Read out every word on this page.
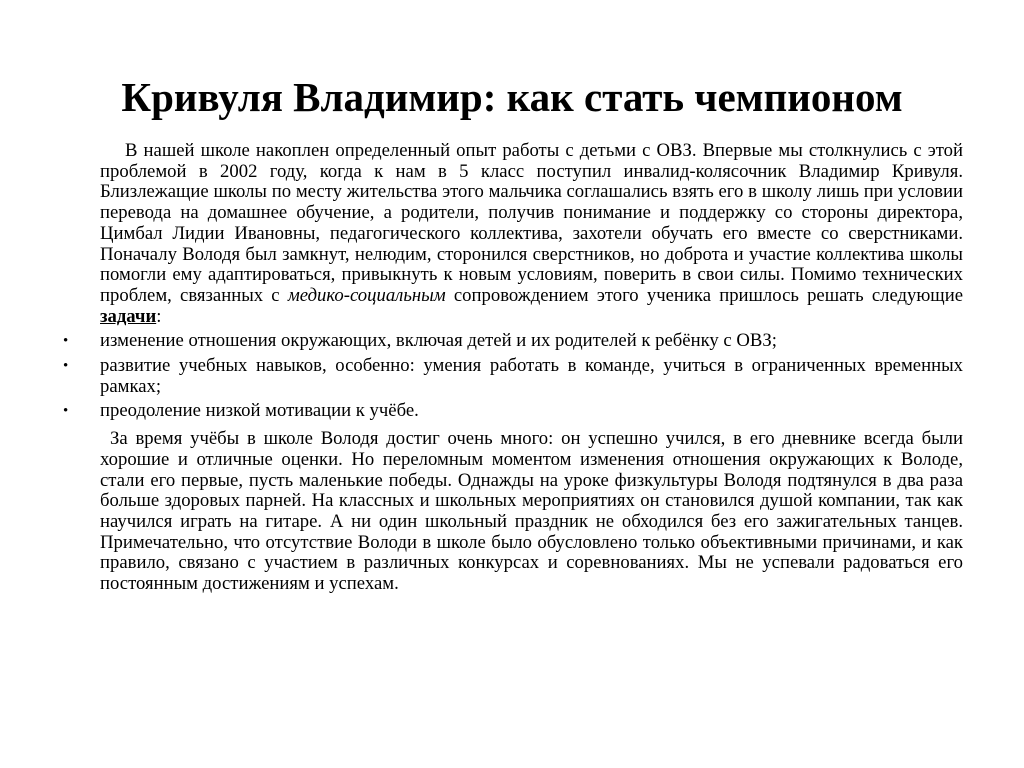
Кривуля Владимир: как стать чемпионом

В нашей школе накоплен определенный опыт работы с детьми с ОВЗ. Впервые мы столкнулись с этой проблемой в 2002 году, когда к нам в 5 класс поступил инвалид-колясочник Владимир Кривуля. Близлежащие школы по месту жительства этого мальчика соглашались взять его в школу лишь при условии перевода на домашнее обучение, а родители, получив понимание и поддержку со стороны директора, Цимбал Лидии Ивановны, педагогического коллектива, захотели обучать его вместе со сверстниками. Поначалу Володя был замкнут, нелюдим, сторонился сверстников, но доброта и участие коллектива школы помогли ему адаптироваться, привыкнуть к новым условиям, поверить в свои силы. Помимо технических проблем, связанных с медико-социальным сопровождением этого ученика пришлось решать следующие задачи:

• изменение отношения окружающих, включая детей и их родителей к ребёнку с ОВЗ;
• развитие учебных навыков, особенно: умения работать в команде, учиться в ограниченных временных рамках;
• преодоление низкой мотивации к учёбе.

За время учёбы в школе Володя достиг очень много: он успешно учился, в его дневнике всегда были хорошие и отличные оценки. Но переломным моментом изменения отношения окружающих к Володе, стали его первые, пусть маленькие победы. Однажды на уроке физкультуры Володя подтянулся в два раза больше здоровых парней. На классных и школьных мероприятиях он становился душой компании, так как научился играть на гитаре. А ни один школьный праздник не обходился без его зажигательных танцев. Примечательно, что отсутствие Володи в школе было обусловлено только объективными причинами, и как правило, связано с участием в различных конкурсах и соревнованиях. Мы не успевали радоваться его постоянным достижениям и успехам.
